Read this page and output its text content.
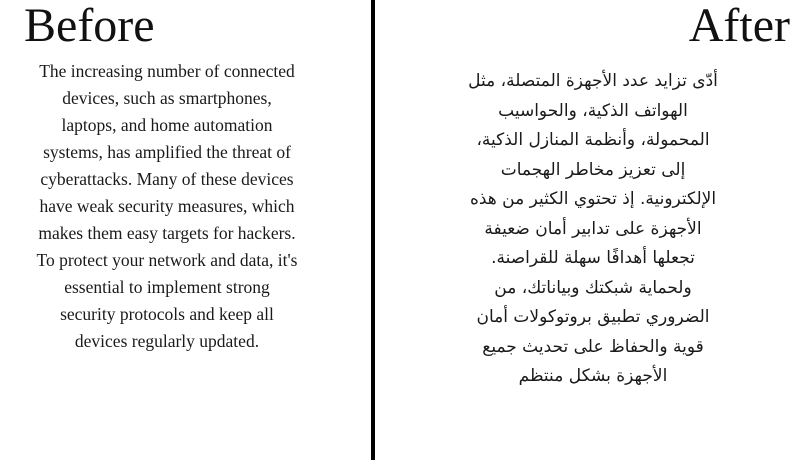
Before	After
The increasing number of connected devices, such as smartphones, laptops, and home automation systems, has amplified the threat of cyberattacks. Many of these devices have weak security measures, which makes them easy targets for hackers. To protect your network and data, it's essential to implement strong security protocols and keep all devices regularly updated.
أدّى تزايد عدد الأجهزة المتصلة، مثل الهواتف الذكية، والحواسيب المحمولة، وأنظمة المنازل الذكية، إلى تعزيز مخاطر الهجمات الإلكترونية. إذ تحتوي الكثير من هذه الأجهزة على تدابير أمان ضعيفة تجعلها أهدافًا سهلة للقراصنة. ولحماية شبكتك وبياناتك، من الضروري تطبيق بروتوكولات أمان قوية والحفاظ على تحديث جميع الأجهزة بشكل منتظم
